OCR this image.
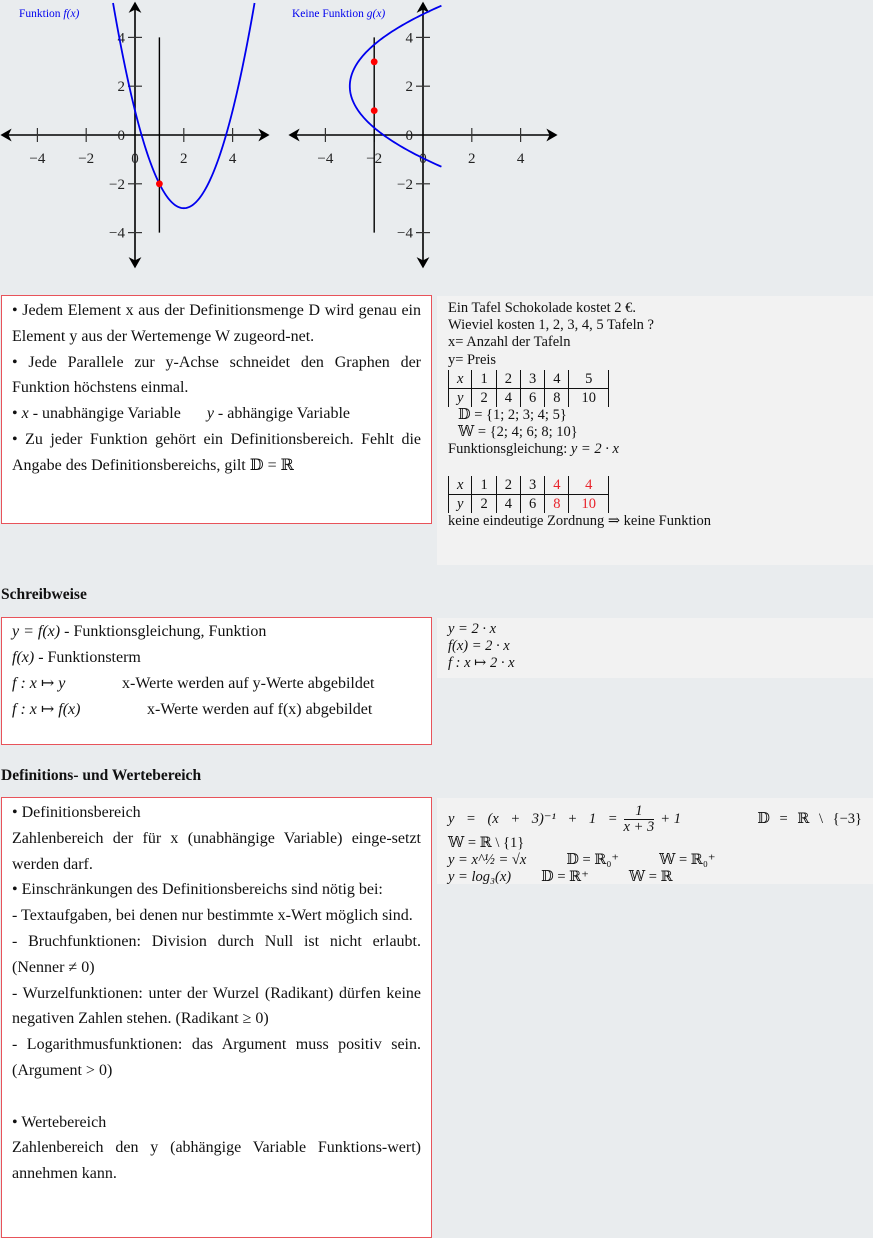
−4 −2 0	2	4
4
2
0
−2
−4
Funktion f(x)
−4 −2 0	2	4
4
2
0
−2
−4
Keine Funktion g(x)
• Jedem Element x aus der Definitionsmenge D wird genau ein Element y aus der Wertemenge W zugeord-net.
• Jede Parallele zur y-Achse schneidet den Graphen der Funktion höchstens einmal.
• x - unabhängige Variable y - abhängige Variable
• Zu jeder Funktion gehört ein Definitionsbereich. Fehlt die Angabe des Definitionsbereichs, gilt 𝔻 = ℝ
Ein Tafel Schokolade kostet 2 €.
Wieviel kosten 1, 2, 3, 4, 5 Tafeln ?
x= Anzahl der Tafeln
y= Preis
x	1	2	3	4	5
y	2	4	6	8	10
𝔻 = {1; 2; 3; 4; 5}
𝕎 = {2; 4; 6; 8; 10}
Funktionsgleichung: y = 2 · x
x	1	2	3	4	4
y	2	4	6	8	10
keine eindeutige Zordnung ⇒ keine Funktion
Schreibweise
y = f(x) - Funktionsgleichung, Funktion
f(x) - Funktionsterm
f : x ↦ y	x-Werte werden auf y-Werte abgebildet
f : x ↦ f(x)	x-Werte werden auf f(x) abgebildet
y = 2 · x
f(x) = 2 · x
f : x ↦ 2 · x
Definitions- und Wertebereich
• Definitionsbereich
Zahlenbereich der für x (unabhängige Variable) einge-setzt werden darf.
• Einschränkungen des Definitionsbereichs sind nötig bei:
- Textaufgaben, bei denen nur bestimmte x-Wert möglich sind.
- Bruchfunktionen: Division durch Null ist nicht erlaubt. (Nenner ≠ 0)
- Wurzelfunktionen: unter der Wurzel (Radikant) dürfen keine negativen Zahlen stehen. (Radikant ≥ 0)
- Logarithmusfunktionen: das Argument muss positiv sein. (Argument > 0)
• Wertebereich
Zahlenbereich den y (abhängige Variable Funktions-wert) annehmen kann.
$y = (x + 3)^{-1} + 1 = \frac{1}{x + 3} + 1$	𝔻 = ℝ \ {−3}
𝕎 = ℝ \ {1}
y = x^½ = √x	𝔻 = ℝ₀⁺	𝕎 = ℝ₀⁺
y = log₃(x) 𝔻 = ℝ⁺	𝕎 = ℝ
